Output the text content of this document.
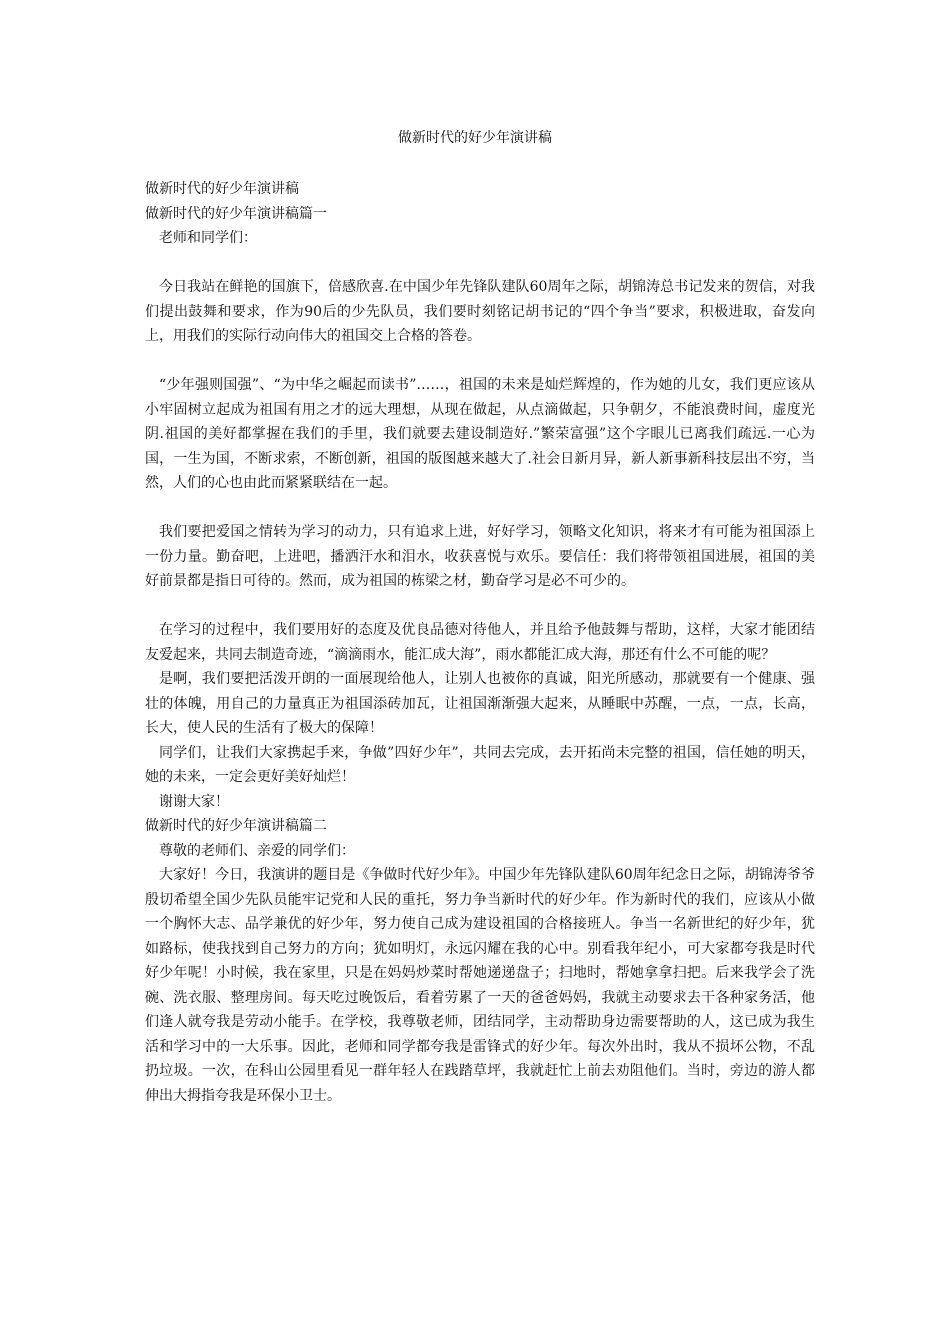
做新时代的好少年演讲稿

做新时代的好少年演讲稿

做新时代的好少年演讲稿篇一

老师和同学们：

今日我站在鲜艳的国旗下，倍感欣喜.在中国少年先锋队建队60周年之际，胡锦涛总书记发来的贺信，对我们提出鼓舞和要求，作为90后的少先队员，我们要时刻铭记胡书记的“四个争当”要求，积极进取，奋发向上，用我们的实际行动向伟大的祖国交上合格的答卷。

“少年强则国强”、“为中华之崛起而读书”……，祖国的未来是灿烂辉煌的，作为她的儿女，我们更应该从小牢固树立起成为祖国有用之才的远大理想，从现在做起，从点滴做起，只争朝夕，不能浪费时间，虚度光阴.祖国的美好都掌握在我们的手里，我们就要去建设制造好.”繁荣富强”这个字眼儿已离我们疏远.一心为国，一生为国，不断求索，不断创新，祖国的版图越来越大了.社会日新月异，新人新事新科技层出不穷，当然，人们的心也由此而紧紧联结在一起。

我们要把爱国之情转为学习的动力，只有追求上进，好好学习，领略文化知识，将来才有可能为祖国添上一份力量。勤奋吧，上进吧，播洒汗水和泪水，收获喜悦与欢乐。要信任：我们将带领祖国进展，祖国的美好前景都是指日可待的。然而，成为祖国的栋梁之材，勤奋学习是必不可少的。

在学习的过程中，我们要用好的态度及优良品德对待他人，并且给予他鼓舞与帮助，这样，大家才能团结友爱起来，共同去制造奇迹，“滴滴雨水，能汇成大海”，雨水都能汇成大海，那还有什么不可能的呢？

是啊，我们要把活泼开朗的一面展现给他人，让别人也被你的真诚，阳光所感动，那就要有一个健康、强壮的体魄，用自己的力量真正为祖国添砖加瓦，让祖国渐渐强大起来，从睡眠中苏醒，一点，一点，长高，长大，使人民的生活有了极大的保障！

同学们，让我们大家携起手来，争做”四好少年”，共同去完成，去开拓尚未完整的祖国，信任她的明天，她的未来，一定会更好美好灿烂！

谢谢大家！

做新时代的好少年演讲稿篇二

尊敬的老师们、亲爱的同学们：

大家好！今日，我演讲的题目是《争做时代好少年》。中国少年先锋队建队60周年纪念日之际，胡锦涛爷爷殷切希望全国少先队员能牢记党和人民的重托，努力争当新时代的好少年。作为新时代的我们，应该从小做一个胸怀大志、品学兼优的好少年，努力使自己成为建设祖国的合格接班人。争当一名新世纪的好少年，犹如路标，使我找到自己努力的方向；犹如明灯，永远闪耀在我的心中。别看我年纪小，可大家都夸我是时代好少年呢！小时候，我在家里，只是在妈妈炒菜时帮她递递盘子；扫地时，帮她拿拿扫把。后来我学会了洗碗、洗衣服、整理房间。每天吃过晚饭后，看着劳累了一天的爸爸妈妈，我就主动要求去干各种家务活，他们逢人就夸我是劳动小能手。在学校，我尊敬老师，团结同学，主动帮助身边需要帮助的人，这已成为我生活和学习中的一大乐事。因此，老师和同学都夸我是雷锋式的好少年。每次外出时，我从不损坏公物，不乱扔垃圾。一次，在科山公园里看见一群年轻人在践踏草坪，我就赶忙上前去劝阻他们。当时，旁边的游人都伸出大拇指夸我是环保小卫士。
